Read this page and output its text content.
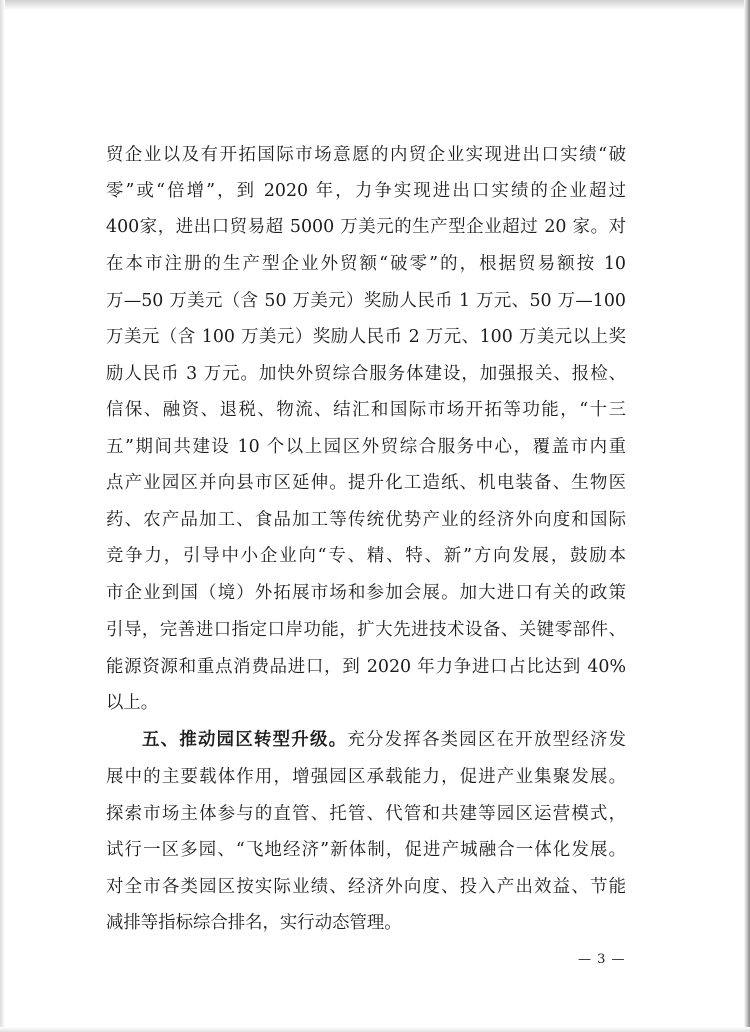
贸企业以及有开拓国际市场意愿的内贸企业实现进出口实绩“破
零”或“倍增”，到 2020 年，力争实现进出口实绩的企业超过
400家，进出口贸易超 5000 万美元的生产型企业超过 20 家。对
在本市注册的生产型企业外贸额“破零”的，根据贸易额按 10
万—50 万美元（含 50 万美元）奖励人民币 1 万元、50 万—100
万美元（含 100 万美元）奖励人民币 2 万元、100 万美元以上奖
励人民币 3 万元。加快外贸综合服务体建设，加强报关、报检、
信保、融资、退税、物流、结汇和国际市场开拓等功能，“十三
五”期间共建设 10 个以上园区外贸综合服务中心，覆盖市内重
点产业园区并向县市区延伸。提升化工造纸、机电装备、生物医
药、农产品加工、食品加工等传统优势产业的经济外向度和国际
竞争力，引导中小企业向“专、精、特、新”方向发展，鼓励本
市企业到国（境）外拓展市场和参加会展。加大进口有关的政策
引导，完善进口指定口岸功能，扩大先进技术设备、关键零部件、
能源资源和重点消费品进口，到 2020 年力争进口占比达到 40%
以上。
五、推动园区转型升级。充分发挥各类园区在开放型经济发
展中的主要载体作用，增强园区承载能力，促进产业集聚发展。
探索市场主体参与的直管、托管、代管和共建等园区运营模式，
试行一区多园、“飞地经济”新体制，促进产城融合一体化发展。
对全市各类园区按实际业绩、经济外向度、投入产出效益、节能
减排等指标综合排名，实行动态管理。
— 3 —
